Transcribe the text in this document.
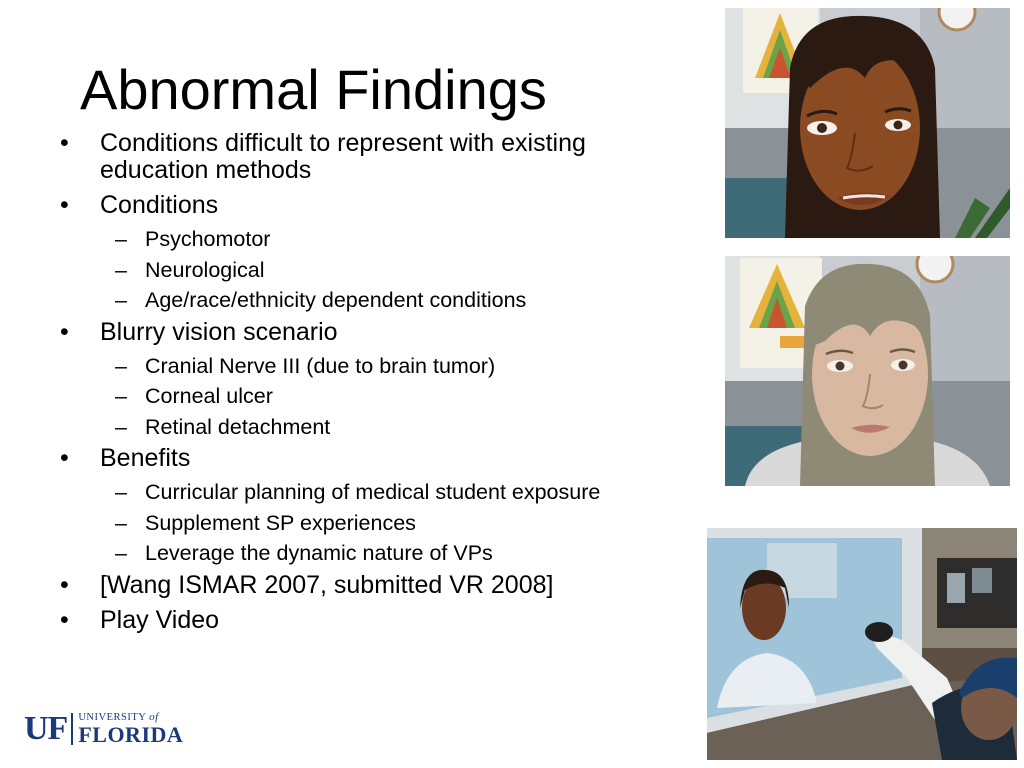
Abnormal Findings
• Conditions difficult to represent with existing education methods
• Conditions
– Psychomotor
– Neurological
– Age/race/ethnicity dependent conditions
• Blurry vision scenario
– Cranial Nerve III (due to brain tumor)
– Corneal ulcer
– Retinal detachment
• Benefits
– Curricular planning of medical student exposure
– Supplement SP experiences
– Leverage the dynamic nature of VPs
• [Wang ISMAR 2007, submitted VR 2008]
• Play Video
UF UNIVERSITY of
FLORIDA
